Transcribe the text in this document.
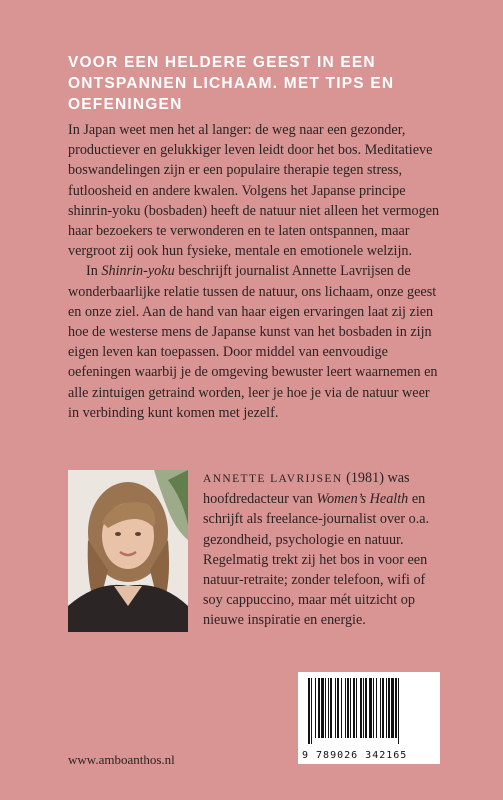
VOOR EEN HELDERE GEEST IN EEN ONTSPANNEN LICHAAM. MET TIPS EN OEFENINGEN

In Japan weet men het al langer: de weg naar een gezonder, productiever en gelukkiger leven leidt door het bos. Meditatieve boswandelingen zijn er een populaire therapie tegen stress, futloosheid en andere kwalen. Volgens het Japanse principe shinrin-yoku (bosbaden) heeft de natuur niet alleen het vermogen haar bezoekers te verwonderen en te laten ontspannen, maar vergroot zij ook hun fysieke, mentale en emotionele welzijn.

In Shinrin-yoku beschrijft journalist Annette Lavrijsen de wonderbaarlijke relatie tussen de natuur, ons lichaam, onze geest en onze ziel. Aan de hand van haar eigen ervaringen laat zij zien hoe de westerse mens de Japanse kunst van het bosbaden in zijn eigen leven kan toepassen. Door middel van eenvoudige oefeningen waarbij je de omgeving bewuster leert waarnemen en alle zintuigen getraind worden, leer je hoe je via de natuur weer in verbinding kunt komen met jezelf.

ANNETTE LAVRIJSEN (1981) was hoofdredacteur van Women’s Health en schrijft als freelance-journalist over o.a. gezondheid, psychologie en natuur. Regelmatig trekt zij het bos in voor een natuur-retraite; zonder telefoon, wifi of soy cappuccino, maar mét uitzicht op nieuwe inspiratie en energie.
www.amboanthos.nl	9 789026 342165
